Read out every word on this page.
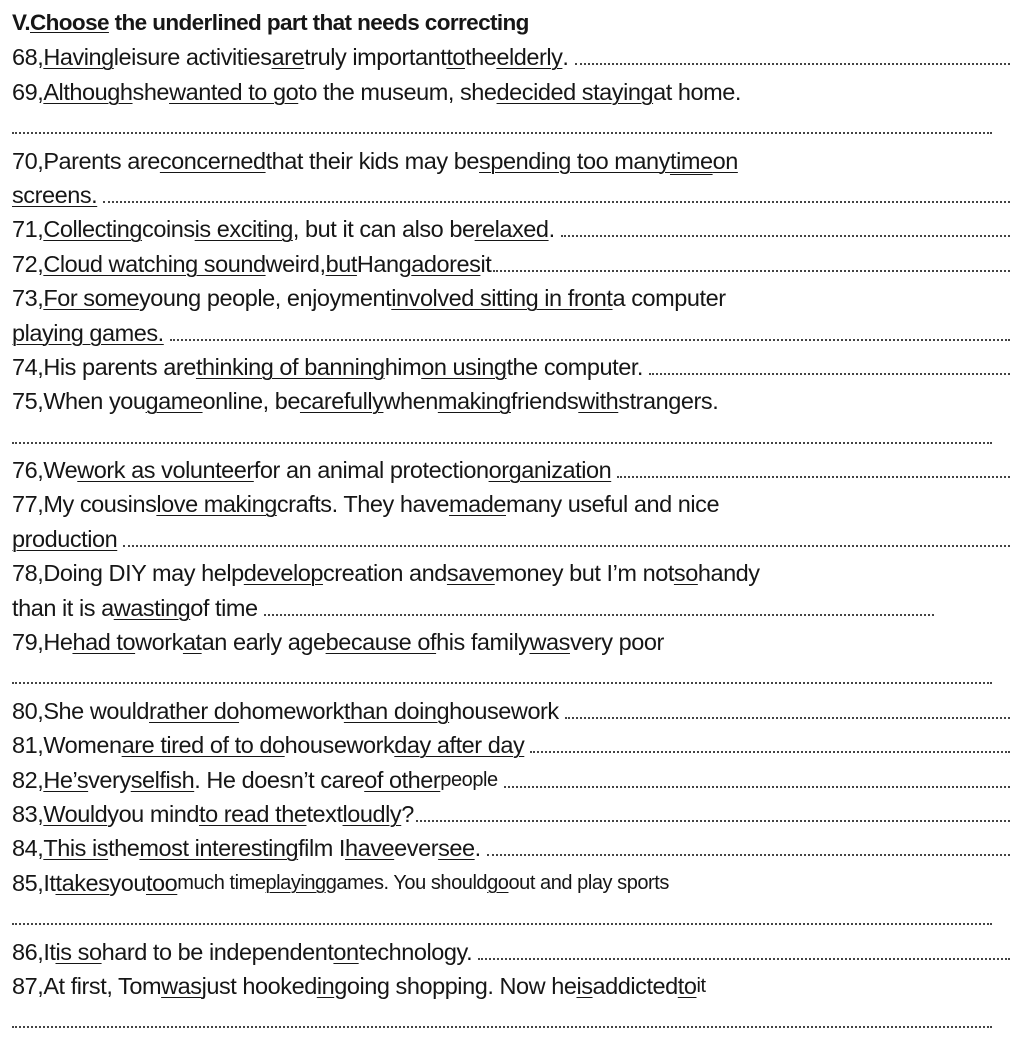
V.Choose the underlined part that needs correcting
68, Having leisure activities are truly important to the elderly .
69, Although she wanted to go to the museum, she decided staying at home.
70, Parents are concerned that their kids may be spending too many time on
screens.
71, Collecting coins is exciting , but it can also be relaxed .
72, Cloud watching sound weird, but Hang adores it
73, For some young people, enjoyment involved sitting in front a computer
playing games.
74, His parents are thinking of banning him on using the computer.
75, When you game online, be carefully when making friends with strangers.
76, We work as volunteer for an animal protection organization
77, My cousins love making crafts. They have made many useful and nice
production
78, Doing DIY may help develop creation and save money but I’m not so handy
than it is a wasting of time
79, He had to work at an early age because of his family was very poor
80, She would rather do homework than doing housework
81, Women are tired of to do housework day after day
82, He’s very selfish . He doesn’t care of other people
83, Would you mind to read the text loudly ?
84, This is the most interesting film I have ever see .
85, It takes you too much time playing games. You should go out and play sports
86, It is so hard to be independent on technology.
87, At first, Tom was just hooked in going shopping. Now he is addicted to it
